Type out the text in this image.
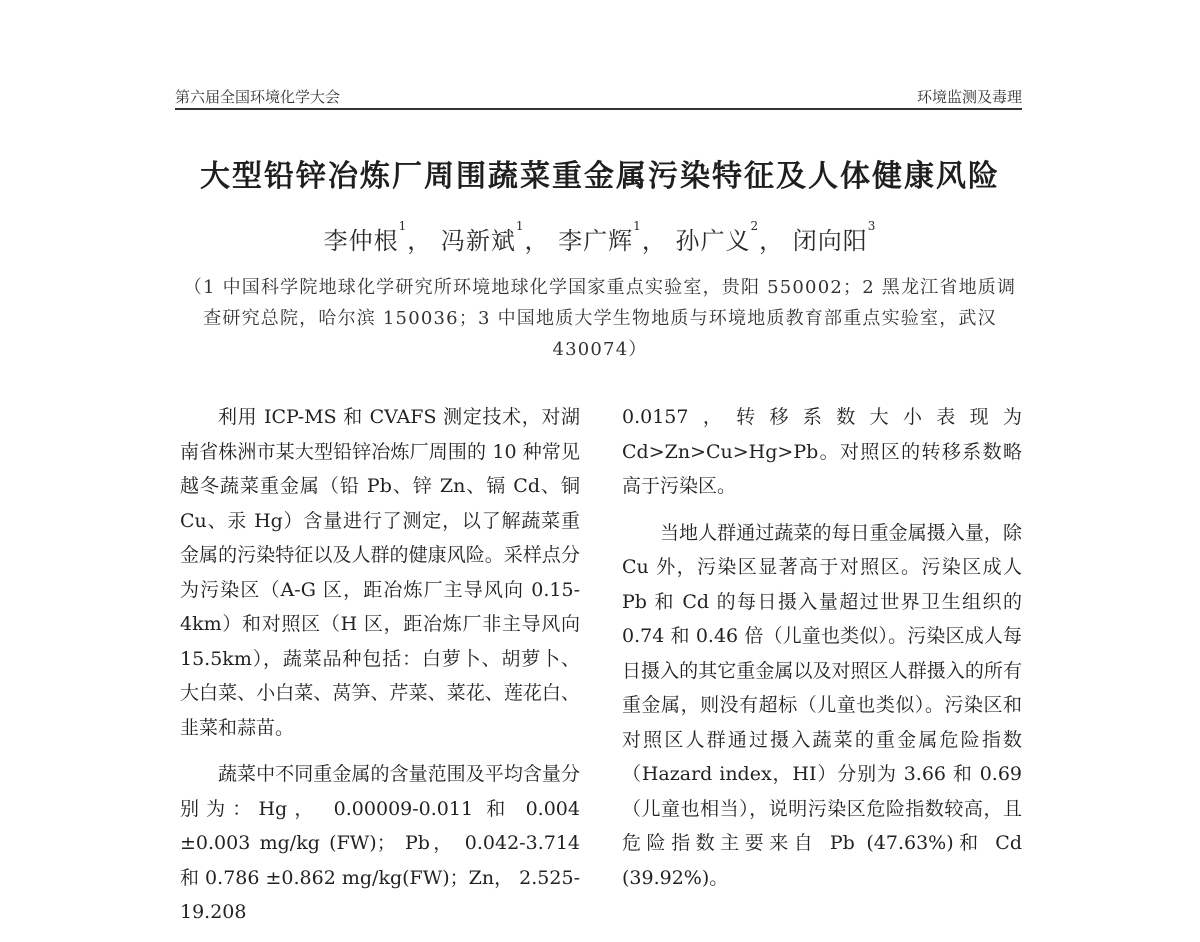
第六届全国环境化学大会	环境监测及毒理
大型铅锌冶炼厂周围蔬菜重金属污染特征及人体健康风险
李仲根$^1$， 冯新斌$^1$， 李广辉$^1$， 孙广义$^2$， 闭向阳$^3$
（1 中国科学院地球化学研究所环境地球化学国家重点实验室，贵阳 550002；2 黑龙江省地质调查研究总院，哈尔滨 150036；3 中国地质大学生物地质与环境地质教育部重点实验室，武汉 430074）

利用 ICP-MS 和 CVAFS 测定技术，对湖南省株洲市某大型铅锌冶炼厂周围的 10 种常见越冬蔬菜重金属（铅 Pb、锌 Zn、镉 Cd、铜 Cu、汞 Hg）含量进行了测定，以了解蔬菜重金属的污染特征以及人群的健康风险。采样点分为污染区（A-G 区，距冶炼厂主导风向 0.15-4km）和对照区（H 区，距冶炼厂非主导风向 15.5km），蔬菜品种包括：白萝卜、胡萝卜、大白菜、小白菜、莴笋、芹菜、菜花、莲花白、韭菜和蒜苗。

蔬菜中不同重金属的含量范围及平均含量分别为：Hg， 0.00009-0.011 和 0.004 ±0.003 mg/kg (FW)； Pb， 0.042-3.714 和 0.786 ±0.862 mg/kg(FW)；Zn， 2.525-19.208

0.0157，转移系数大小表现为Cd>Zn>Cu>Hg>Pb。对照区的转移系数略高于污染区。

当地人群通过蔬菜的每日重金属摄入量，除 Cu 外，污染区显著高于对照区。污染区成人 Pb 和 Cd 的每日摄入量超过世界卫生组织的 0.74 和 0.46 倍（儿童也类似）。污染区成人每日摄入的其它重金属以及对照区人群摄入的所有重金属，则没有超标（儿童也类似）。污染区和对照区人群通过摄入蔬菜的重金属危险指数（Hazard index，HI）分别为 3.66 和 0.69（儿童也相当），说明污染区危险指数较高，且危险指数主要来自 Pb (47.63%)和 Cd (39.92%)。
